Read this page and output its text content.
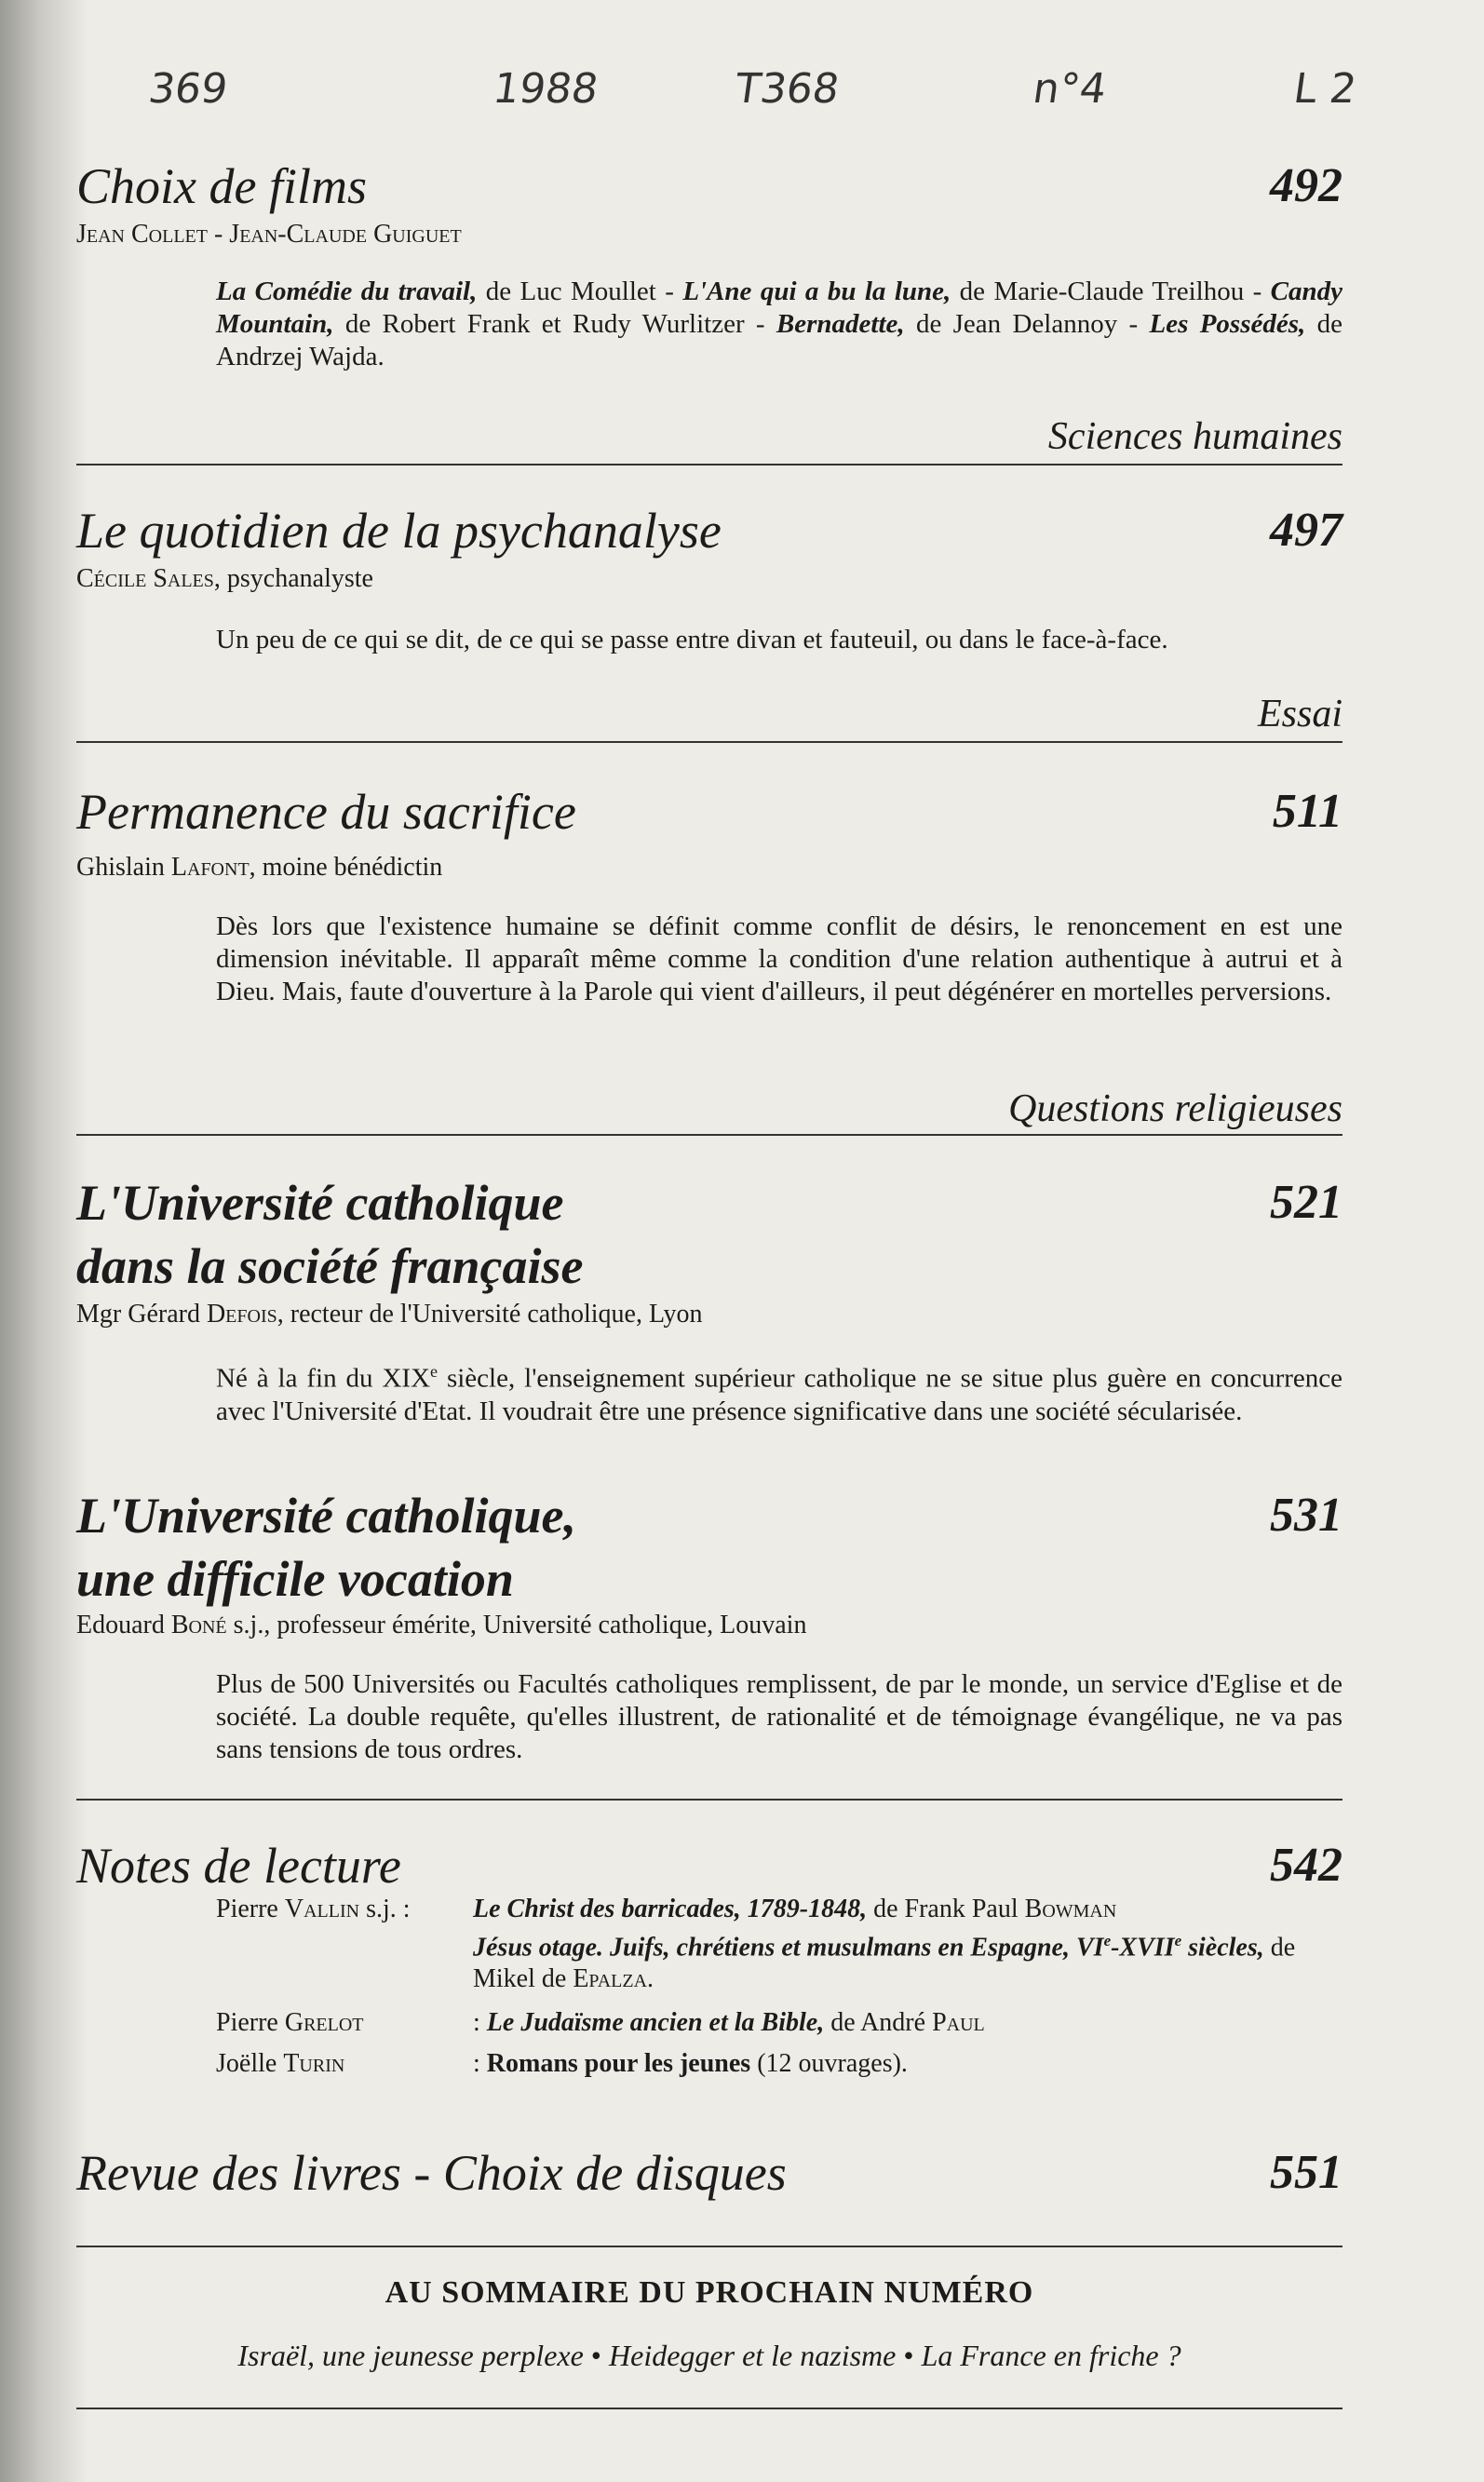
369	1988	T368	n°4	L 2
Choix de films	492
Jean Collet - Jean-Claude Guiguet
La Comédie du travail, de Luc Moullet - L'Ane qui a bu la lune, de Marie-Claude Treilhou - Candy Mountain, de Robert Frank et Rudy Wurlitzer - Bernadette, de Jean Delannoy - Les Possédés, de Andrzej Wajda.
Sciences humaines
Le quotidien de la psychanalyse	497
Cécile Sales, psychanalyste
Un peu de ce qui se dit, de ce qui se passe entre divan et fauteuil, ou dans le face-à-face.
Essai
Permanence du sacrifice	511
Ghislain Lafont, moine bénédictin
Dès lors que l'existence humaine se définit comme conflit de désirs, le renoncement en est une dimension inévitable. Il apparaît même comme la condition d'une relation authentique à autrui et à Dieu. Mais, faute d'ouverture à la Parole qui vient d'ailleurs, il peut dégénérer en mortelles perversions.
Questions religieuses
L'Université catholique
dans la société française
521
Mgr Gérard Defois, recteur de l'Université catholique, Lyon
Né à la fin du XIXe siècle, l'enseignement supérieur catholique ne se situe plus guère en concurrence avec l'Université d'Etat. Il voudrait être une présence significative dans une société sécularisée.
L'Université catholique,
une difficile vocation
531
Edouard Boné s.j., professeur émérite, Université catholique, Louvain
Plus de 500 Universités ou Facultés catholiques remplissent, de par le monde, un service d'Eglise et de société. La double requête, qu'elles illustrent, de rationalité et de témoignage évangélique, ne va pas sans tensions de tous ordres.
Notes de lecture	542
Pierre Vallin s.j. :	Le Christ des barricades, 1789-1848, de Frank Paul Bowman
Jésus otage. Juifs, chrétiens et musulmans en Espagne, VIe-XVIIe siècles, de Mikel de Epalza.
Pierre Grelot	: Le Judaïsme ancien et la Bible, de André Paul
Joëlle Turin	: Romans pour les jeunes (12 ouvrages).
Revue des livres - Choix de disques	551
AU SOMMAIRE DU PROCHAIN NUMÉRO
Israël, une jeunesse perplexe • Heidegger et le nazisme • La France en friche ?
